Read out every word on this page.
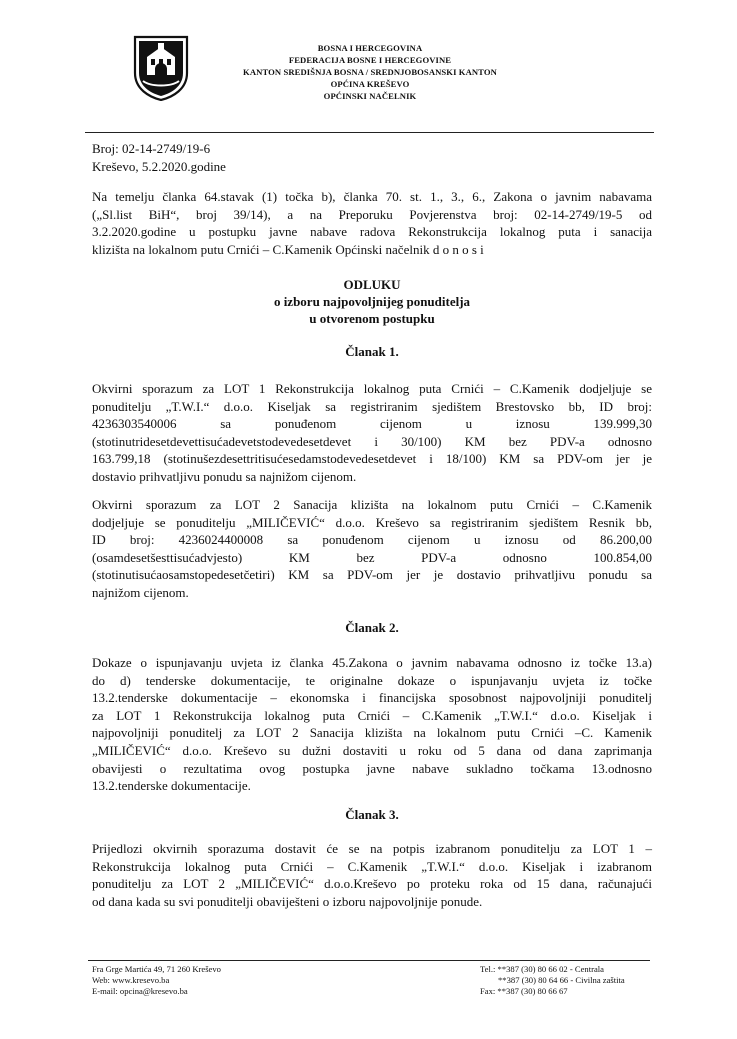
BOSNA I HERCEGOVINA
FEDERACIJA BOSNE I HERCEGOVINE
KANTON SREDIŠNJA BOSNA / SREDNJOBOSANSKI KANTON
OPĆINA KREŠEVO
OPĆINSKI NAČELNIK
Broj: 02-14-2749/19-6
Kreševo, 5.2.2020.godine
Na temelju članka 64.stavak (1) točka b), članka 70. st. 1., 3., 6., Zakona o javnim nabavama
(„Sl.list BiH“, broj 39/14), a na Preporuku Povjerenstva broj: 02-14-2749/19-5 od
3.2.2020.godine u postupku javne nabave radova Rekonstrukcija lokalnog puta i sanacija
klizišta na lokalnom putu Crnići – C.Kamenik Općinski načelnik d o n o s i
ODLUKU
o izboru najpovoljnijeg ponuditelja
u otvorenom postupku
Članak 1.
Okvirni sporazum za LOT 1 Rekonstrukcija lokalnog puta Crnići – C.Kamenik dodjeljuje se
ponuditelju „T.W.I.“ d.o.o. Kiseljak sa registriranim sjedištem Brestovsko bb, ID broj:
4236303540006 sa ponuđenom cijenom u iznosu 139.999,30
(stotinutridesetdevettisućadevetstodevedesetdevet i 30/100) KM bez PDV-a odnosno
163.799,18 (stotinušezdesettritisućesedamstodevedesetdevet i 18/100) KM sa PDV-om jer je
dostavio prihvatljivu ponudu sa najnižom cijenom.
Okvirni sporazum za LOT 2 Sanacija klizišta na lokalnom putu Crnići – C.Kamenik
dodjeljuje se ponuditelju „MILIČEVIĆ“ d.o.o. Kreševo sa registriranim sjedištem Resnik bb,
ID broj: 4236024400008 sa ponuđenom cijenom u iznosu od 86.200,00
(osamdesetšesttisućadvjesto) KM bez PDV-a odnosno 100.854,00
(stotinutisućaosamstopedesetčetiri) KM sa PDV-om jer je dostavio prihvatljivu ponudu sa
najnižom cijenom.
Članak 2.
Dokaze o ispunjavanju uvjeta iz članka 45.Zakona o javnim nabavama odnosno iz točke 13.a)
do d) tenderske dokumentacije, te originalne dokaze o ispunjavanju uvjeta iz točke
13.2.tenderske dokumentacije – ekonomska i financijska sposobnost najpovoljniji ponuditelj
za LOT 1 Rekonstrukcija lokalnog puta Crnići – C.Kamenik „T.W.I.“ d.o.o. Kiseljak i
najpovoljniji ponuditelj za LOT 2 Sanacija klizišta na lokalnom putu Crnići –C. Kamenik
„MILIČEVIĆ“ d.o.o. Kreševo su dužni dostaviti u roku od 5 dana od dana zaprimanja
obavijesti o rezultatima ovog postupka javne nabave sukladno točkama 13.odnosno
13.2.tenderske dokumentacije.
Članak 3.
Prijedlozi okvirnih sporazuma dostavit će se na potpis izabranom ponuditelju za LOT 1 –
Rekonstrukcija lokalnog puta Crnići – C.Kamenik „T.W.I.“ d.o.o. Kiseljak i izabranom
ponuditelju za LOT 2 „MILIČEVIĆ“ d.o.o.Kreševo po proteku roka od 15 dana, računajući
od dana kada su svi ponuditelji obaviješteni o izboru najpovoljnije ponude.
Fra Grge Martića 49, 71 260 Kreševo
Web: www.kresevo.ba
E-mail: opcina@kresevo.ba
Tel.: **387 (30) 80 66 02 - Centrala
**387 (30) 80 64 66 - Civilna zaštita
Fax: **387 (30) 80 66 67
